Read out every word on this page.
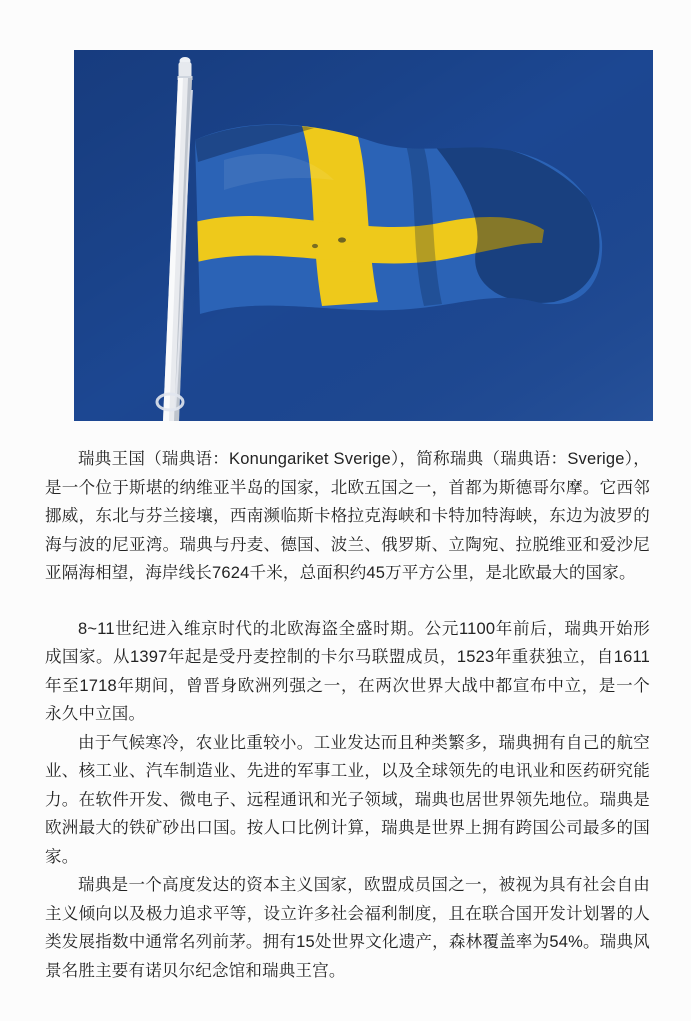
瑞典王国（瑞典语：Konungariket Sverige），简称瑞典（瑞典语：Sverige），是一个位于斯堪的纳维亚半岛的国家，北欧五国之一，首都为斯德哥尔摩。它西邻挪威，东北与芬兰接壤，西南濒临斯卡格拉克海峡和卡特加特海峡，东边为波罗的海与波的尼亚湾。瑞典与丹麦、德国、波兰、俄罗斯、立陶宛、拉脱维亚和爱沙尼亚隔海相望，海岸线长7624千米，总面积约45万平方公里，是北欧最大的国家。

8~11世纪进入维京时代的北欧海盗全盛时期。公元1100年前后，瑞典开始形成国家。从1397年起是受丹麦控制的卡尔马联盟成员，1523年重获独立，自1611年至1718年期间，曾晋身欧洲列强之一，在两次世界大战中都宣布中立，是一个永久中立国。

由于气候寒冷，农业比重较小。工业发达而且种类繁多，瑞典拥有自己的航空业、核工业、汽车制造业、先进的军事工业，以及全球领先的电讯业和医药研究能力。在软件开发、微电子、远程通讯和光子领域，瑞典也居世界领先地位。瑞典是欧洲最大的铁矿砂出口国。按人口比例计算，瑞典是世界上拥有跨国公司最多的国家。

瑞典是一个高度发达的资本主义国家，欧盟成员国之一，被视为具有社会自由主义倾向以及极力追求平等，设立许多社会福利制度，且在联合国开发计划署的人类发展指数中通常名列前茅。拥有15处世界文化遗产，森林覆盖率为54%。瑞典风景名胜主要有诺贝尔纪念馆和瑞典王宫。
